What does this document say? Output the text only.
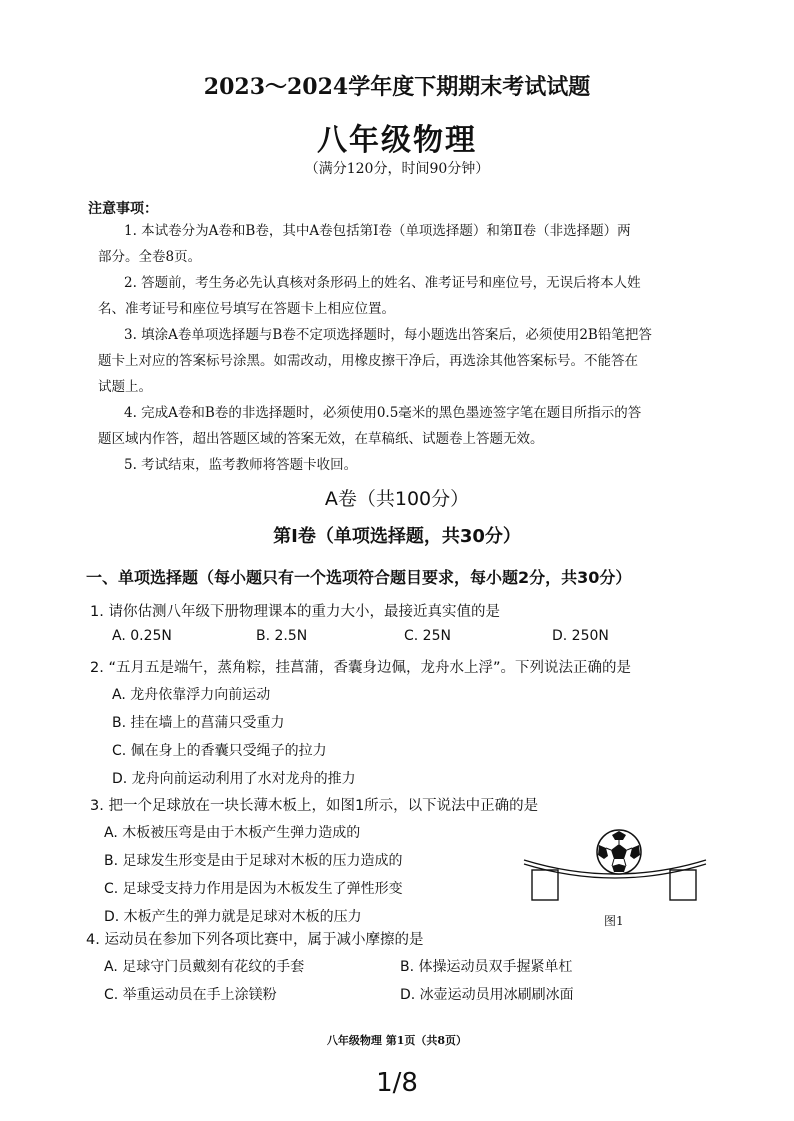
2023～2024学年度下期期末考试试题
八年级物理
（满分120分，时间90分钟）
注意事项：
1. 本试卷分为A卷和B卷，其中A卷包括第Ⅰ卷（单项选择题）和第Ⅱ卷（非选择题）两
部分。全卷8页。
2. 答题前，考生务必先认真核对条形码上的姓名、准考证号和座位号，无误后将本人姓
名、准考证号和座位号填写在答题卡上相应位置。
3. 填涂A卷单项选择题与B卷不定项选择题时，每小题选出答案后，必须使用2B铅笔把答
题卡上对应的答案标号涂黑。如需改动，用橡皮擦干净后，再选涂其他答案标号。不能答在
试题上。
4. 完成A卷和B卷的非选择题时，必须使用0.5毫米的黑色墨迹签字笔在题目所指示的答
题区域内作答，超出答题区域的答案无效，在草稿纸、试题卷上答题无效。
5. 考试结束，监考教师将答题卡收回。
A卷（共100分）
第Ⅰ卷（单项选择题，共30分）
一、单项选择题（每小题只有一个选项符合题目要求，每小题2分，共30分）
1. 请你估测八年级下册物理课本的重力大小，最接近真实值的是
A. 0.25N	B. 2.5N	C. 25N	D. 250N
2. “五月五是端午，蒸角粽，挂菖蒲，香囊身边佩，龙舟水上浮”。下列说法正确的是
A. 龙舟依靠浮力向前运动
B. 挂在墙上的菖蒲只受重力
C. 佩在身上的香囊只受绳子的拉力
D. 龙舟向前运动利用了水对龙舟的推力
3. 把一个足球放在一块长薄木板上，如图1所示，以下说法中正确的是
A. 木板被压弯是由于木板产生弹力造成的
B. 足球发生形变是由于足球对木板的压力造成的
C. 足球受支持力作用是因为木板发生了弹性形变
D. 木板产生的弹力就是足球对木板的压力	图1
4. 运动员在参加下列各项比赛中，属于减小摩擦的是
A. 足球守门员戴刻有花纹的手套	B. 体操运动员双手握紧单杠
C. 举重运动员在手上涂镁粉	D. 冰壶运动员用冰刷刷冰面
八年级物理 第1页（共8页）
1/8
